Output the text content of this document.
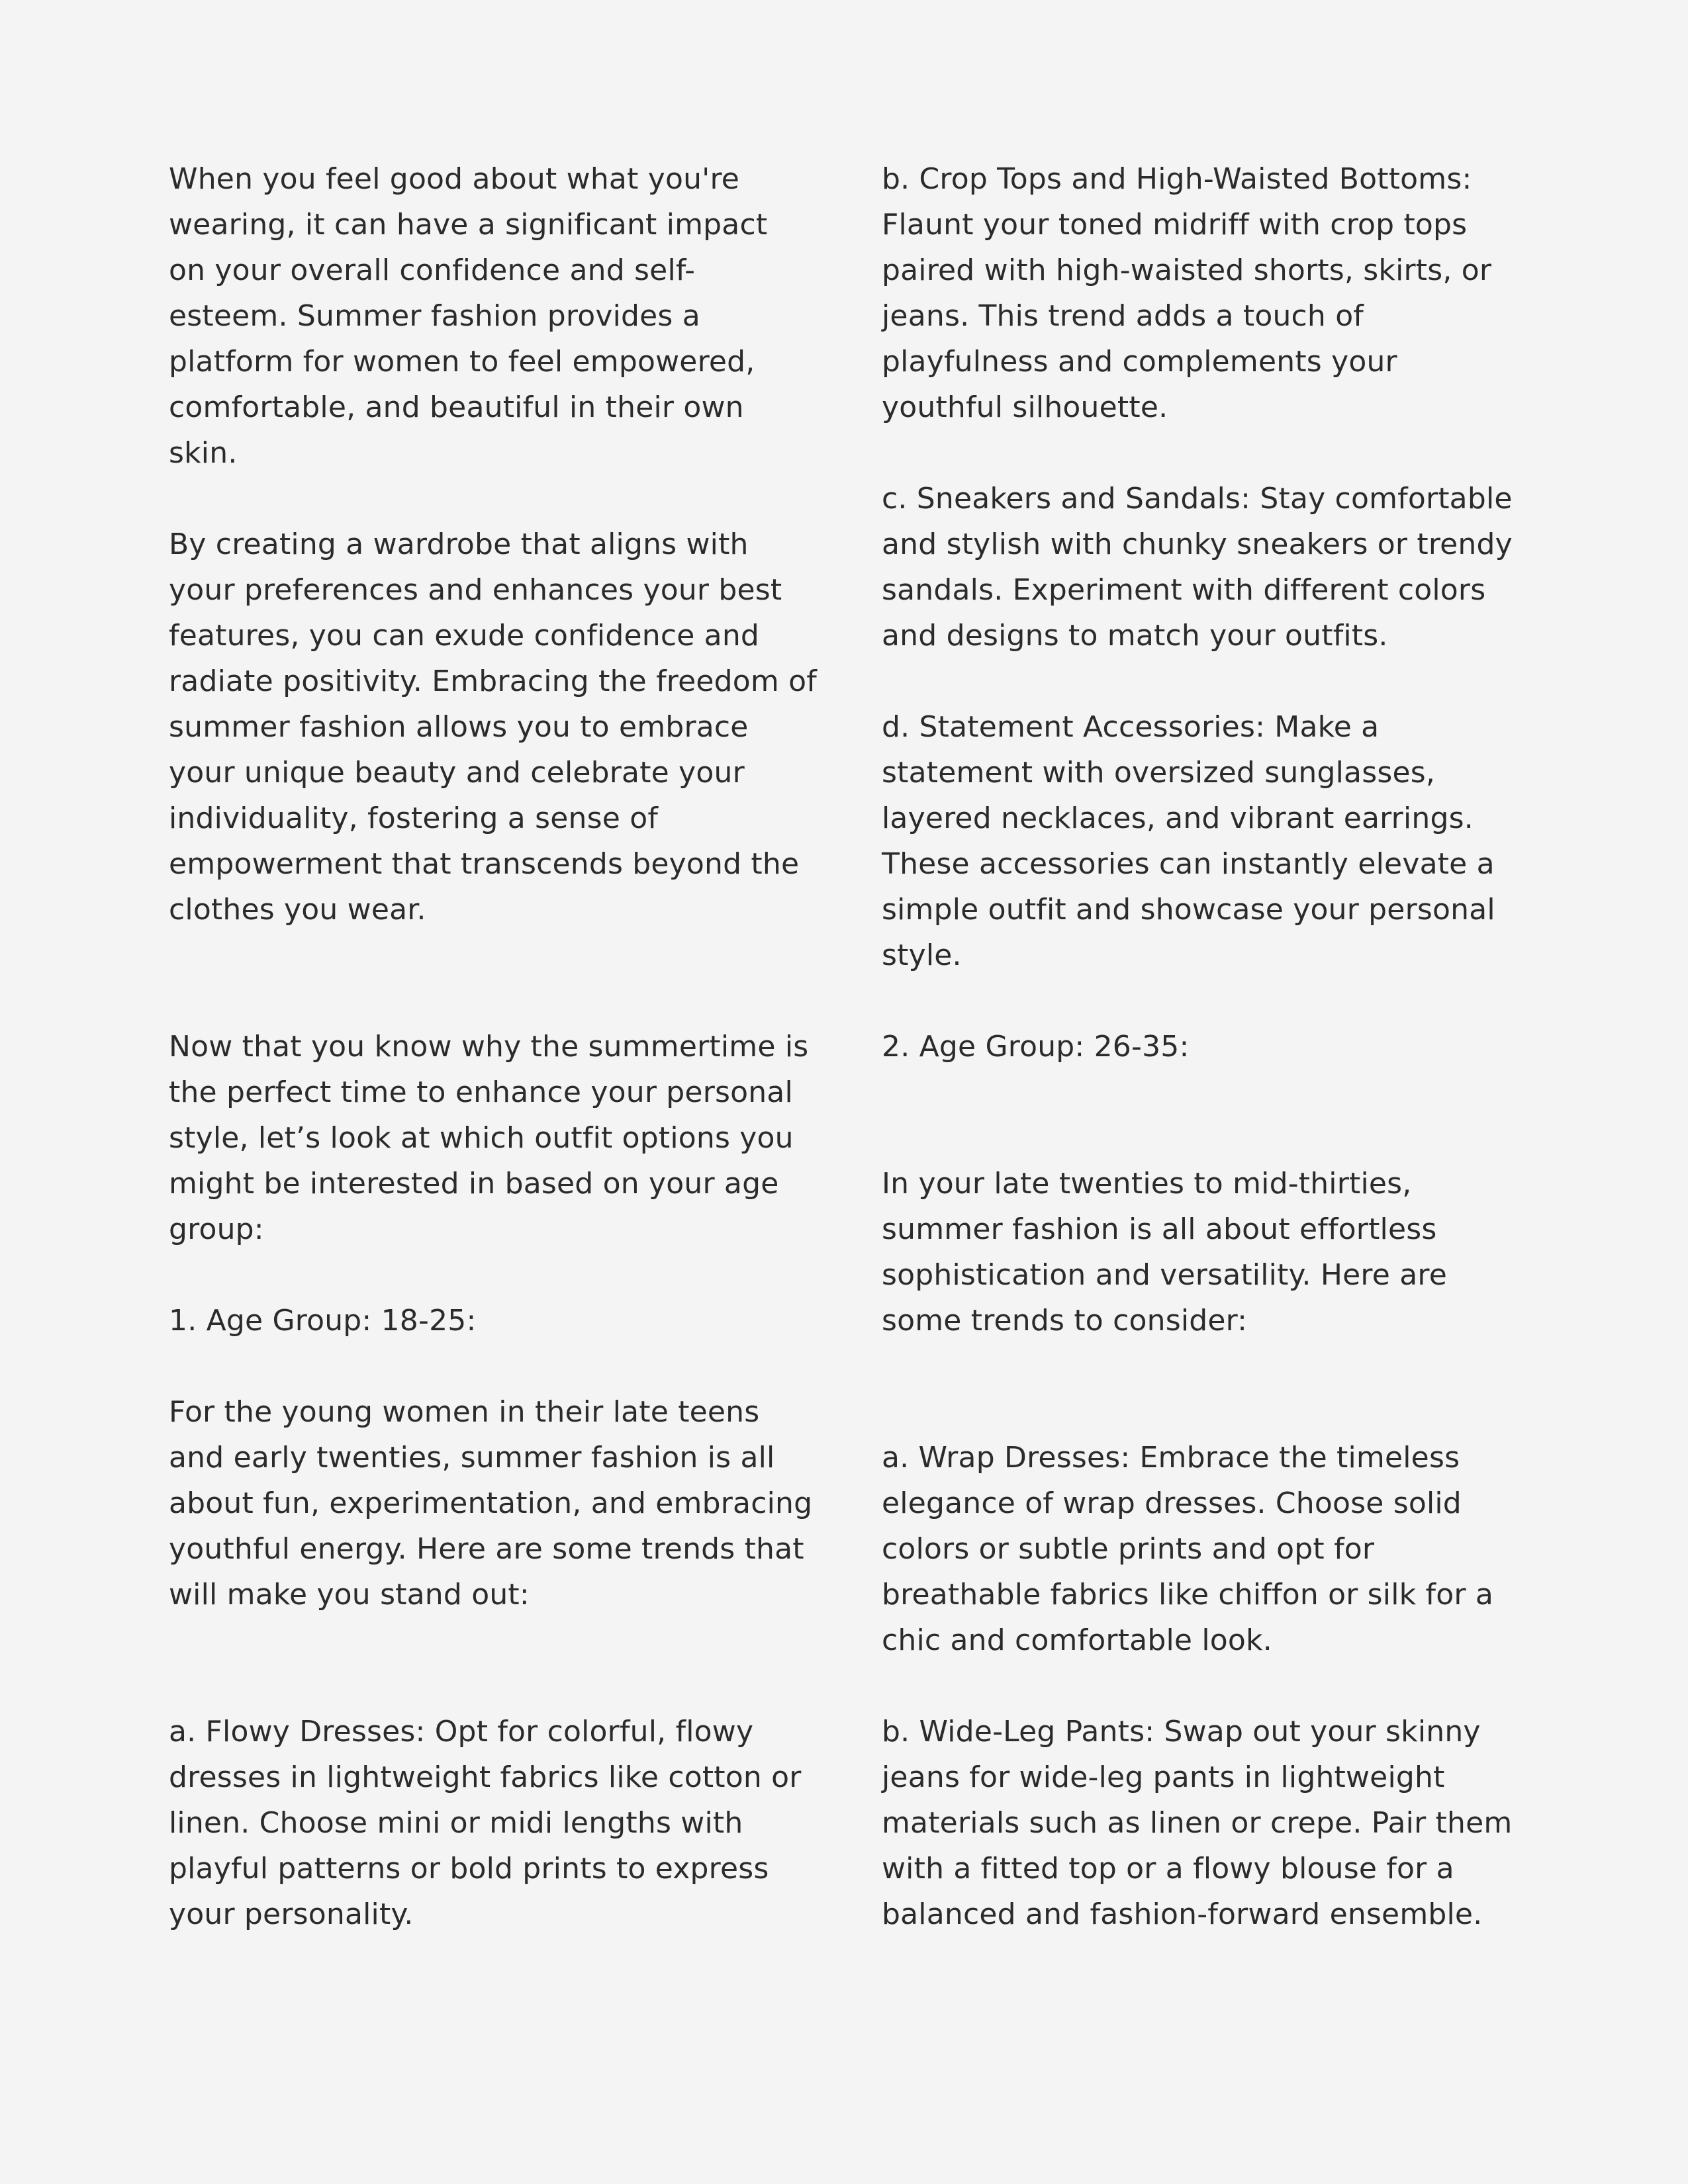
When you feel good about what you're
wearing, it can have a significant impact
on your overall confidence and self-
esteem. Summer fashion provides a
platform for women to feel empowered,
comfortable, and beautiful in their own skin.

By creating a wardrobe that aligns with
your preferences and enhances your best
features, you can exude confidence and
radiate positivity. Embracing the freedom of
summer fashion allows you to embrace
your unique beauty and celebrate your
individuality, fostering a sense of
empowerment that transcends beyond the
clothes you wear.

Now that you know why the summertime is
the perfect time to enhance your personal
style, let’s look at which outfit options you
might be interested in based on your age
group:

1. Age Group: 18-25:

For the young women in their late teens
and early twenties, summer fashion is all
about fun, experimentation, and embracing
youthful energy. Here are some trends that
will make you stand out:

a. Flowy Dresses: Opt for colorful, flowy
dresses in lightweight fabrics like cotton or
linen. Choose mini or midi lengths with
playful patterns or bold prints to express
your personality.

b. Crop Tops and High-Waisted Bottoms:
Flaunt your toned midriff with crop tops
paired with high-waisted shorts, skirts, or
jeans. This trend adds a touch of
playfulness and complements your
youthful silhouette.

c. Sneakers and Sandals: Stay comfortable
and stylish with chunky sneakers or trendy
sandals. Experiment with different colors
and designs to match your outfits.

d. Statement Accessories: Make a
statement with oversized sunglasses,
layered necklaces, and vibrant earrings.
These accessories can instantly elevate a
simple outfit and showcase your personal
style.

2. Age Group: 26-35:

In your late twenties to mid-thirties,
summer fashion is all about effortless
sophistication and versatility. Here are
some trends to consider:

a. Wrap Dresses: Embrace the timeless
elegance of wrap dresses. Choose solid
colors or subtle prints and opt for
breathable fabrics like chiffon or silk for a
chic and comfortable look.

b. Wide-Leg Pants: Swap out your skinny
jeans for wide-leg pants in lightweight
materials such as linen or crepe. Pair them
with a fitted top or a flowy blouse for a
balanced and fashion-forward ensemble.
